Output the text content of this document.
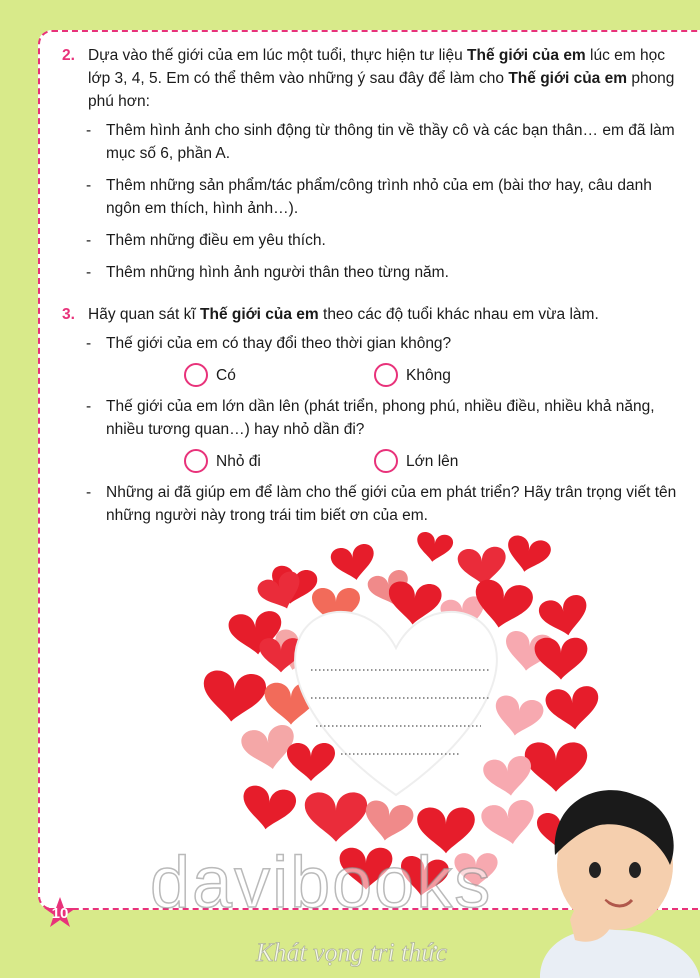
2. Dựa vào thế giới của em lúc một tuổi, thực hiện tư liệu Thế giới của em lúc em học lớp 3, 4, 5. Em có thể thêm vào những ý sau đây để làm cho Thế giới của em phong phú hơn:

- Thêm hình ảnh cho sinh động từ thông tin về thầy cô và các bạn thân… em đã làm mục số 6, phần A.
- Thêm những sản phẩm/tác phẩm/công trình nhỏ của em (bài thơ hay, câu danh ngôn em thích, hình ảnh…).
- Thêm những điều em yêu thích.
- Thêm những hình ảnh người thân theo từng năm.

3. Hãy quan sát kĩ Thế giới của em theo các độ tuổi khác nhau em vừa làm.

- Thế giới của em có thay đổi theo thời gian không?
Có	Không
- Thế giới của em lớn dần lên (phát triển, phong phú, nhiều điều, nhiều khả năng, nhiều tương quan…) hay nhỏ dần đi?
Nhỏ đi	Lớn lên
- Những ai đã giúp em để làm cho thế giới của em phát triển? Hãy trân trọng viết tên những người này trong trái tim biết ơn của em.
10 davibooks
Khát vọng tri thức
